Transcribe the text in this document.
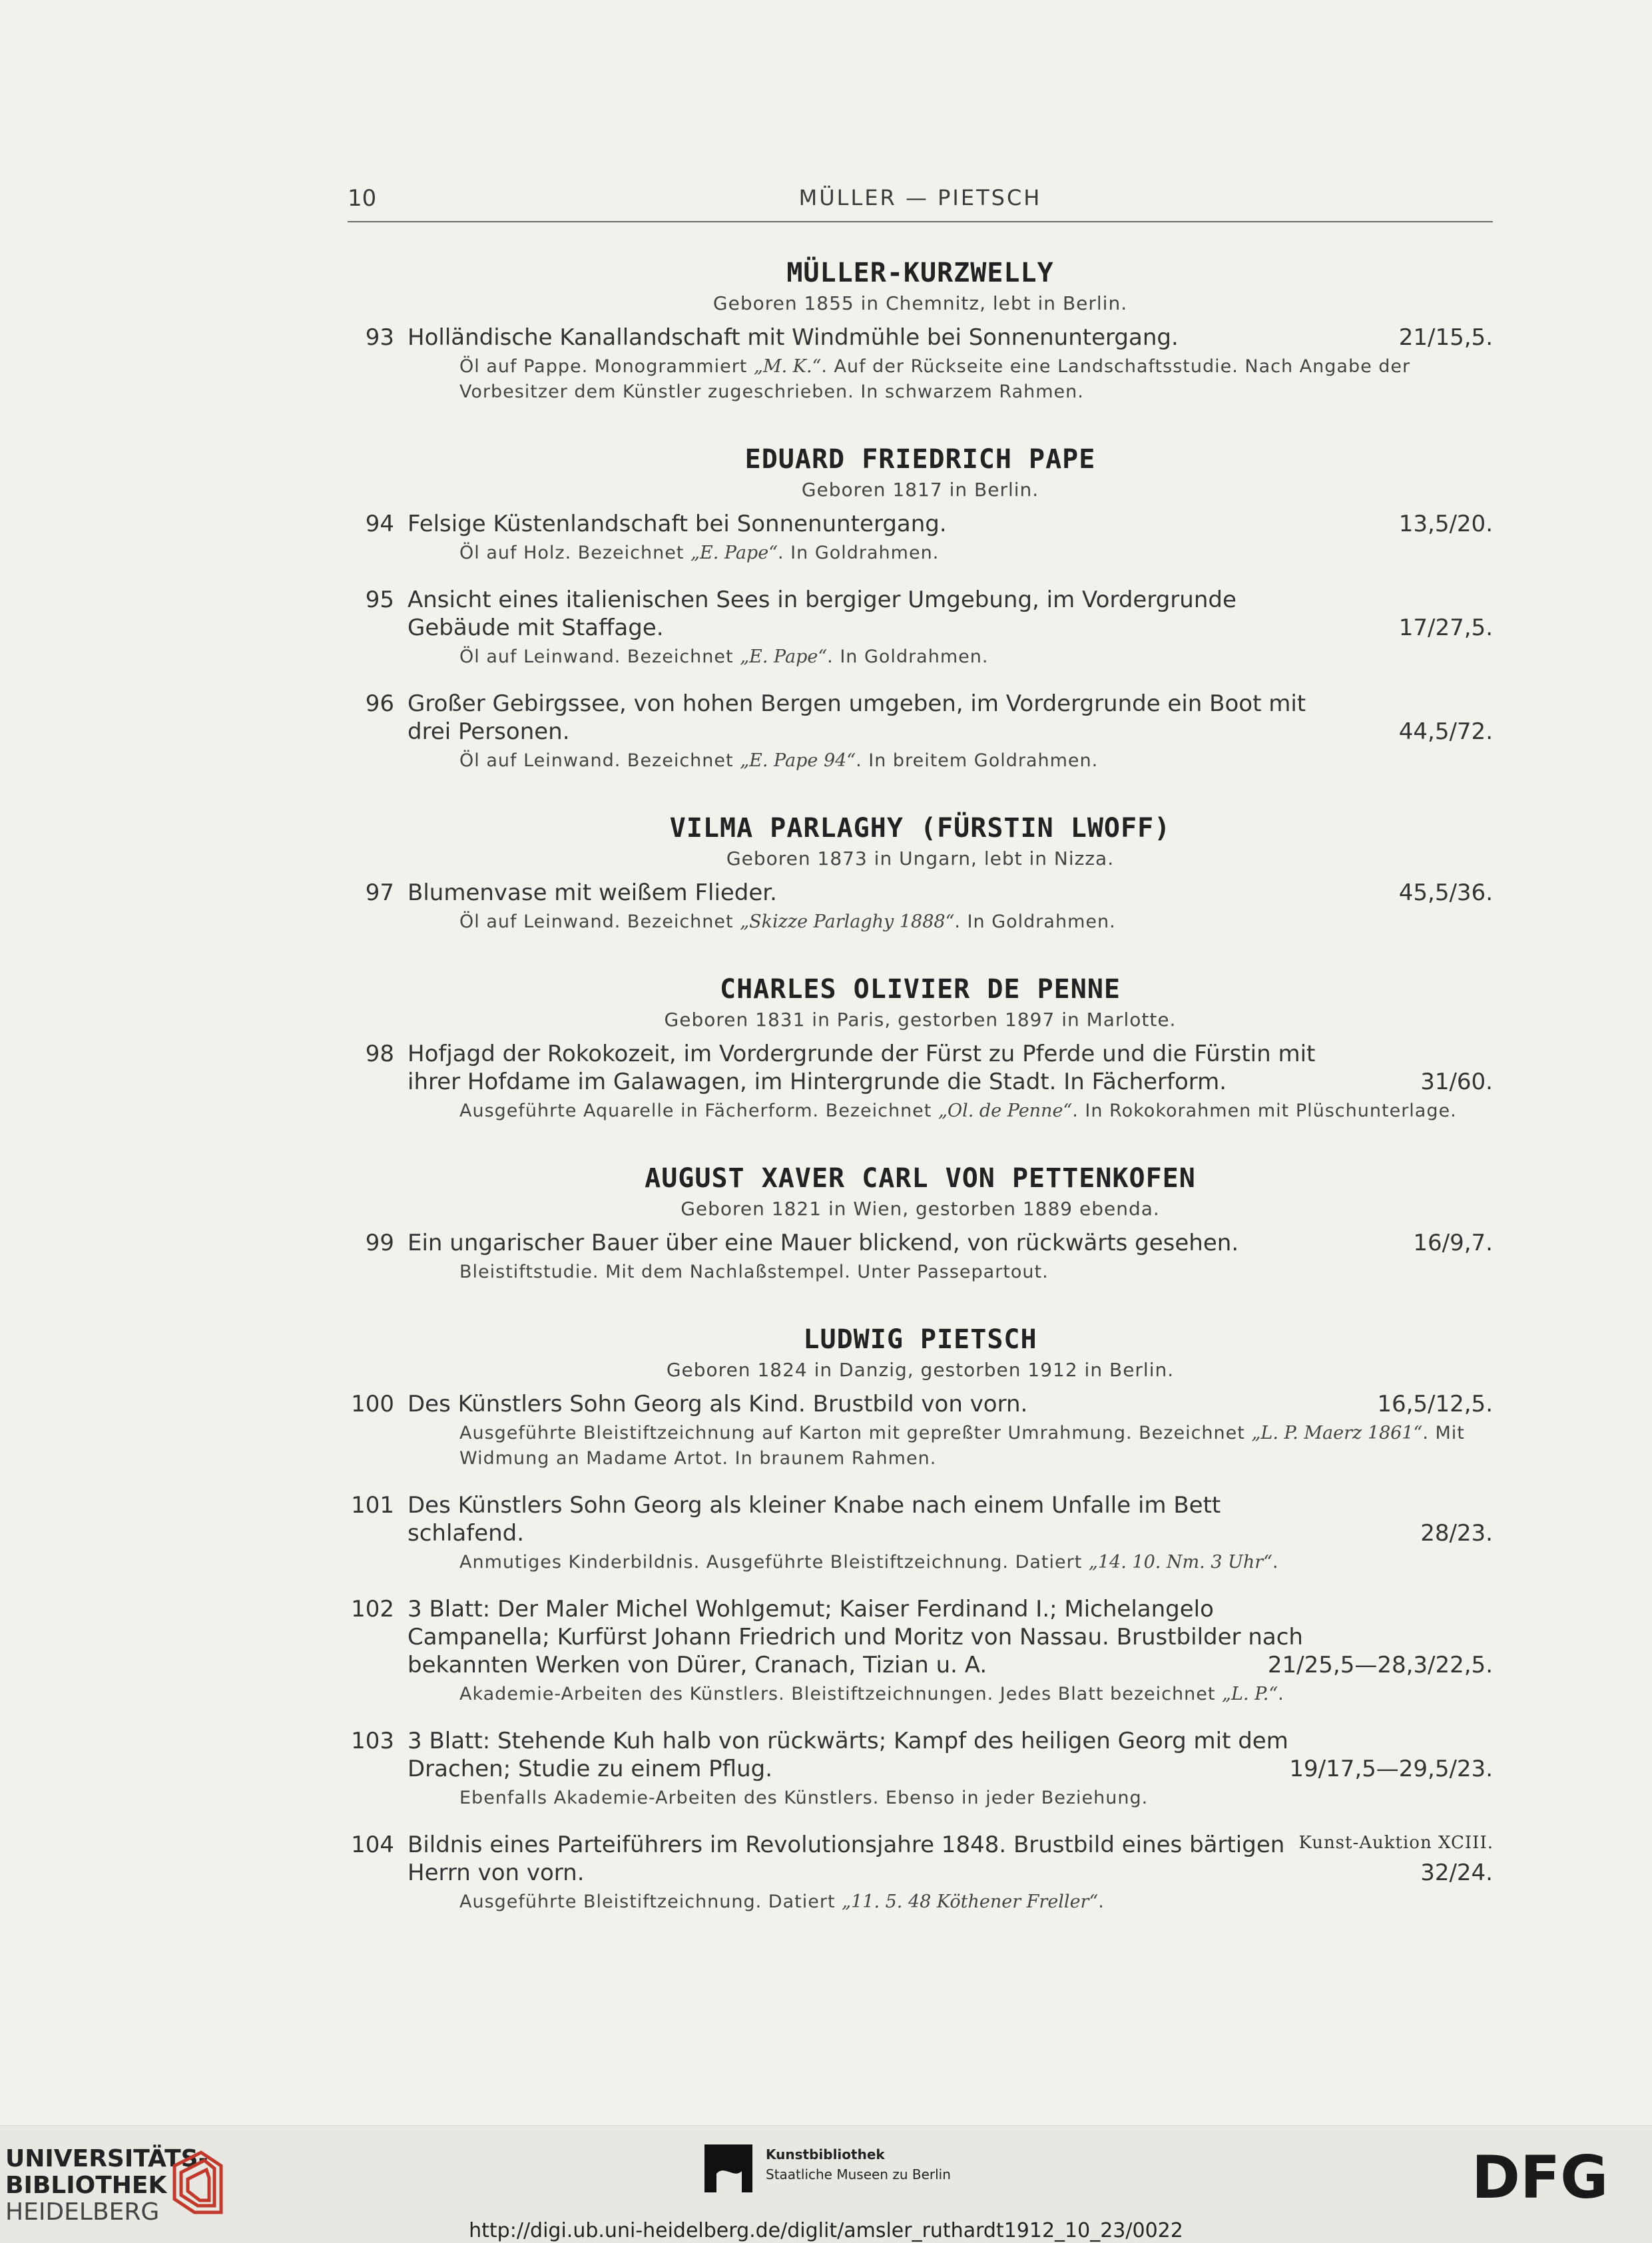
10	MÜLLER — PIETSCH
MÜLLER-KURZWELLY
Geboren 1855 in Chemnitz, lebt in Berlin.
93 Holländische Kanallandschaft mit Windmühle bei Sonnenuntergang.	21/15,5.
Öl auf Pappe. Monogrammiert „M. K.“. Auf der Rückseite eine Landschaftsstudie. Nach Angabe der Vorbesitzer dem Künstler zugeschrieben. In schwarzem Rahmen.
EDUARD FRIEDRICH PAPE
Geboren 1817 in Berlin.
94 Felsige Küstenlandschaft bei Sonnenuntergang.	13,5/20.
Öl auf Holz. Bezeichnet „E. Pape“. In Goldrahmen.
95 Ansicht eines italienischen Sees in bergiger Umgebung, im Vordergrunde Gebäude mit Staffage.	17/27,5.
Öl auf Leinwand. Bezeichnet „E. Pape“. In Goldrahmen.
96 Großer Gebirgssee, von hohen Bergen umgeben, im Vordergrunde ein Boot mit drei Personen.	44,5/72.
Öl auf Leinwand. Bezeichnet „E. Pape 94“. In breitem Goldrahmen.
VILMA PARLAGHY (FÜRSTIN LWOFF)
Geboren 1873 in Ungarn, lebt in Nizza.
97 Blumenvase mit weißem Flieder.	45,5/36.
Öl auf Leinwand. Bezeichnet „Skizze Parlaghy 1888“. In Goldrahmen.
CHARLES OLIVIER DE PENNE
Geboren 1831 in Paris, gestorben 1897 in Marlotte.
98 Hofjagd der Rokokozeit, im Vordergrunde der Fürst zu Pferde und die Fürstin mit ihrer Hofdame im Galawagen, im Hintergrunde die Stadt. In Fächerform.	31/60.
Ausgeführte Aquarelle in Fächerform. Bezeichnet „Ol. de Penne“. In Rokokorahmen mit Plüschunterlage.
AUGUST XAVER CARL VON PETTENKOFEN
Geboren 1821 in Wien, gestorben 1889 ebenda.
99 Ein ungarischer Bauer über eine Mauer blickend, von rückwärts gesehen.	16/9,7.
Bleistiftstudie. Mit dem Nachlaßstempel. Unter Passepartout.
LUDWIG PIETSCH
Geboren 1824 in Danzig, gestorben 1912 in Berlin.
100 Des Künstlers Sohn Georg als Kind. Brustbild von vorn.	16,5/12,5.
Ausgeführte Bleistiftzeichnung auf Karton mit gepreßter Umrahmung. Bezeichnet „L. P. Maerz 1861“. Mit Widmung an Madame Artot. In braunem Rahmen.
101 Des Künstlers Sohn Georg als kleiner Knabe nach einem Unfalle im Bett schlafend.	28/23.
Anmutiges Kinderbildnis. Ausgeführte Bleistiftzeichnung. Datiert „14. 10. Nm. 3 Uhr“.
102 3 Blatt: Der Maler Michel Wohlgemut; Kaiser Ferdinand I.; Michelangelo Campanella; Kurfürst Johann Friedrich und Moritz von Nassau. Brustbilder nach bekannten Werken von Dürer, Cranach, Tizian u. A.	21/25,5—28,3/22,5.
Akademie-Arbeiten des Künstlers. Bleistiftzeichnungen. Jedes Blatt bezeichnet „L. P.“.
103 3 Blatt: Stehende Kuh halb von rückwärts; Kampf des heiligen Georg mit dem Drachen; Studie zu einem Pflug.	19/17,5—29,5/23.
Ebenfalls Akademie-Arbeiten des Künstlers. Ebenso in jeder Beziehung.
104 Bildnis eines Parteiführers im Revolutionsjahre 1848. Brustbild eines bärtigen Herrn von vorn.	32/24.
Ausgeführte Bleistiftzeichnung. Datiert „11. 5. 48 Köthener Freller“.
Kunst-Auktion XCIII.
UNIVERSITÄTS-
BIBLIOTHEK
HEIDELBERG
Kunstbibliothek
Staatliche Museen zu Berlin	DFG
http://digi.ub.uni-heidelberg.de/diglit/amsler_ruthardt1912_10_23/0022
